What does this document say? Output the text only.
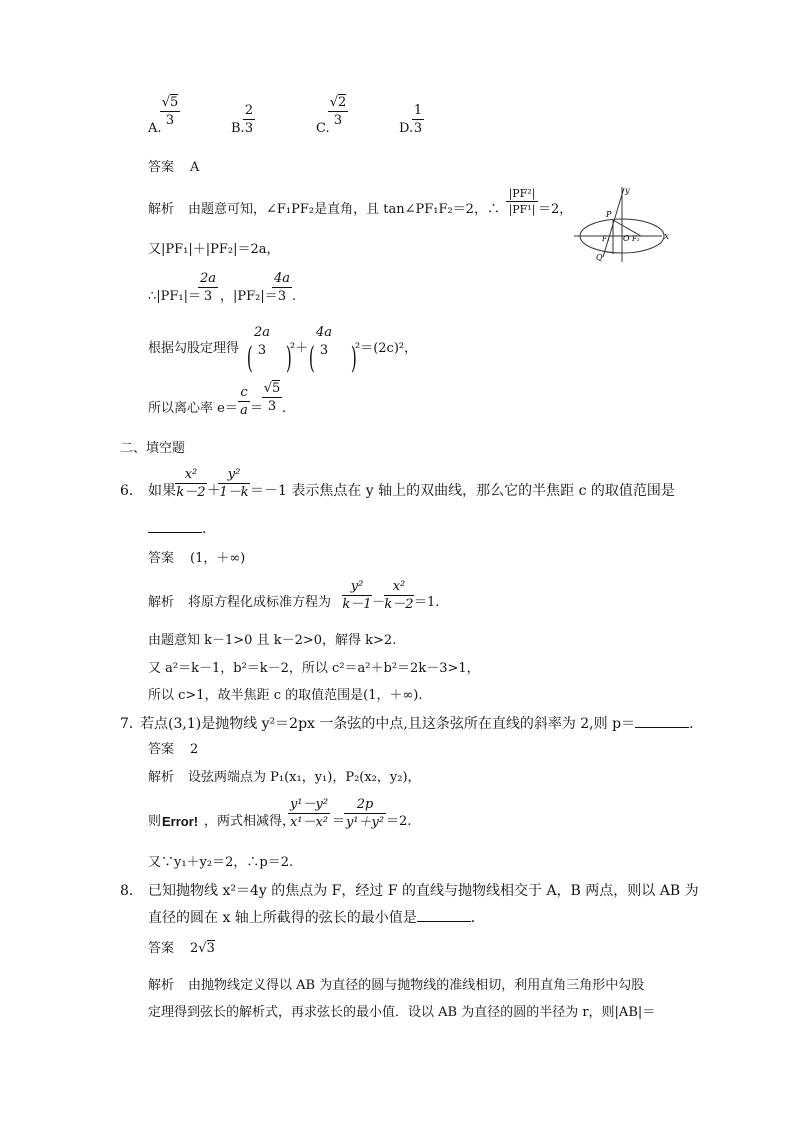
A.
√5
3
B.
2
3	C.
√2
3
D.
1
3
答案 A
解析 由题意可知，∠F₁PF₂是直角，且 tan∠PF₁F₂＝2，∴
|PF²|
|PF¹| ＝2，
又|PF₁|＋|PF₂|＝2a，
∴|PF₁|＝
2a
3 ，|PF₂|＝
4a
3 .
根据勾股定理得 (
2a
3 )
²＋ (
4a
3 )
²＝(2c)²，
所以离心率 e＝
c
a ＝
√5
3 .
y
x
P
Q
F₁ O F₂
二、填空题
6． 如果
x²
k－2 ＋
y²
1－k ＝－1 表示焦点在 y 轴上的双曲线，那么它的半焦距 c 的取值范围是
．
答案 (1，＋∞)
解析 将原方程化成标准方程为
y²
k－1 －
x²
k－2 ＝1.
由题意知 k－1>0 且 k－2>0，解得 k>2.
又 a²＝k－1，b²＝k－2，所以 c²＝a²＋b²＝2k－3>1，
所以 c>1，故半焦距 c 的取值范围是(1，＋∞).
7．
若点(3,1)是抛物线 y²＝2px 一条弦的中点,且这条弦所在直线的斜率为 2,则 p＝	.
答案 2
解析 设弦两端点为 P₁(x₁，y₁)，P₂(x₂，y₂)，
则 Error! ，两式相减得，
y¹－y²
x¹－x² ＝
2p
y¹＋y² ＝2.
又∵y₁＋y₂＝2，∴p＝2.
8． 已知抛物线 x²＝4y 的焦点为 F，经过 F 的直线与抛物线相交于 A，B 两点，则以 AB 为
直径的圆在 x 轴上所截得的弦长的最小值是	．
答案 2√3
解析 由抛物线定义得以 AB 为直径的圆与抛物线的准线相切，利用直角三角形中勾股
定理得到弦长的解析式，再求弦长的最小值．设以 AB 为直径的圆的半径为 r，则|AB|＝
